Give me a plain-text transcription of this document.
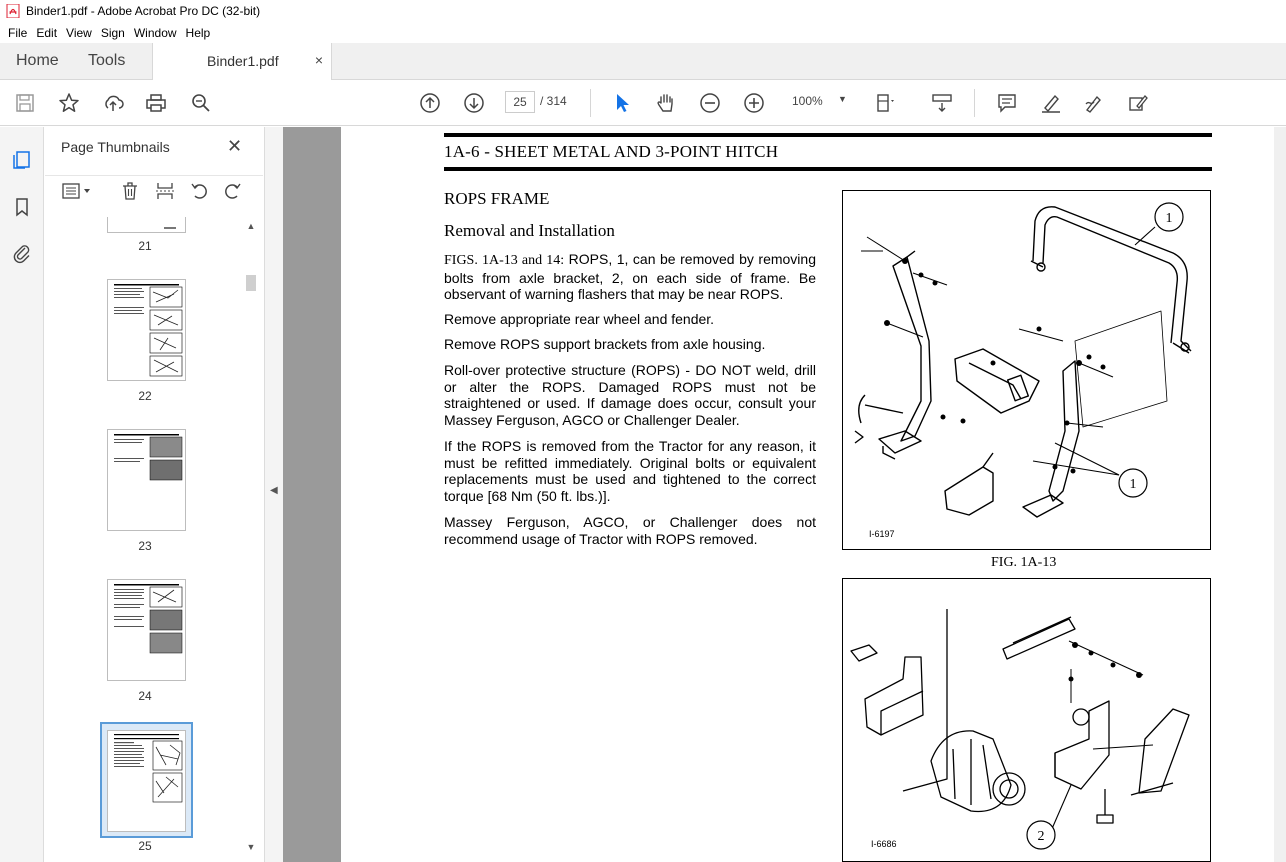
Binder1.pdf - Adobe Acrobat Pro DC (32-bit)
File Edit View Sign Window Help
Home Tools	Binder1.pdf	×
25	/ 314	100% ▼
Page Thumbnails	✕
21
22
23
24
25
▲
▼
◀
1A-6 - SHEET METAL AND 3-POINT HITCH
ROPS FRAME
Removal and Installation

FIGS. 1A-13 and 14: ROPS, 1, can be removed by removing bolts from axle bracket, 2, on each side of frame. Be observant of warning flashers that may be near ROPS.

Remove appropriate rear wheel and fender.

Remove ROPS support brackets from axle housing.

Roll-over protective structure (ROPS) - DO NOT weld, drill or alter the ROPS. Damaged ROPS must not be straightened or used. If damage does occur, consult your Massey Ferguson, AGCO or Challenger Dealer.

If the ROPS is removed from the Tractor for any reason, it must be refitted immediately. Original bolts or equivalent replacements must be used and tightened to the correct torque [68 Nm (50 ft. lbs.)].

Massey Ferguson, AGCO, or Challenger does not recommend usage of Tractor with ROPS removed.

1
1
I-6197
FIG. 1A-13
2
I-6686
